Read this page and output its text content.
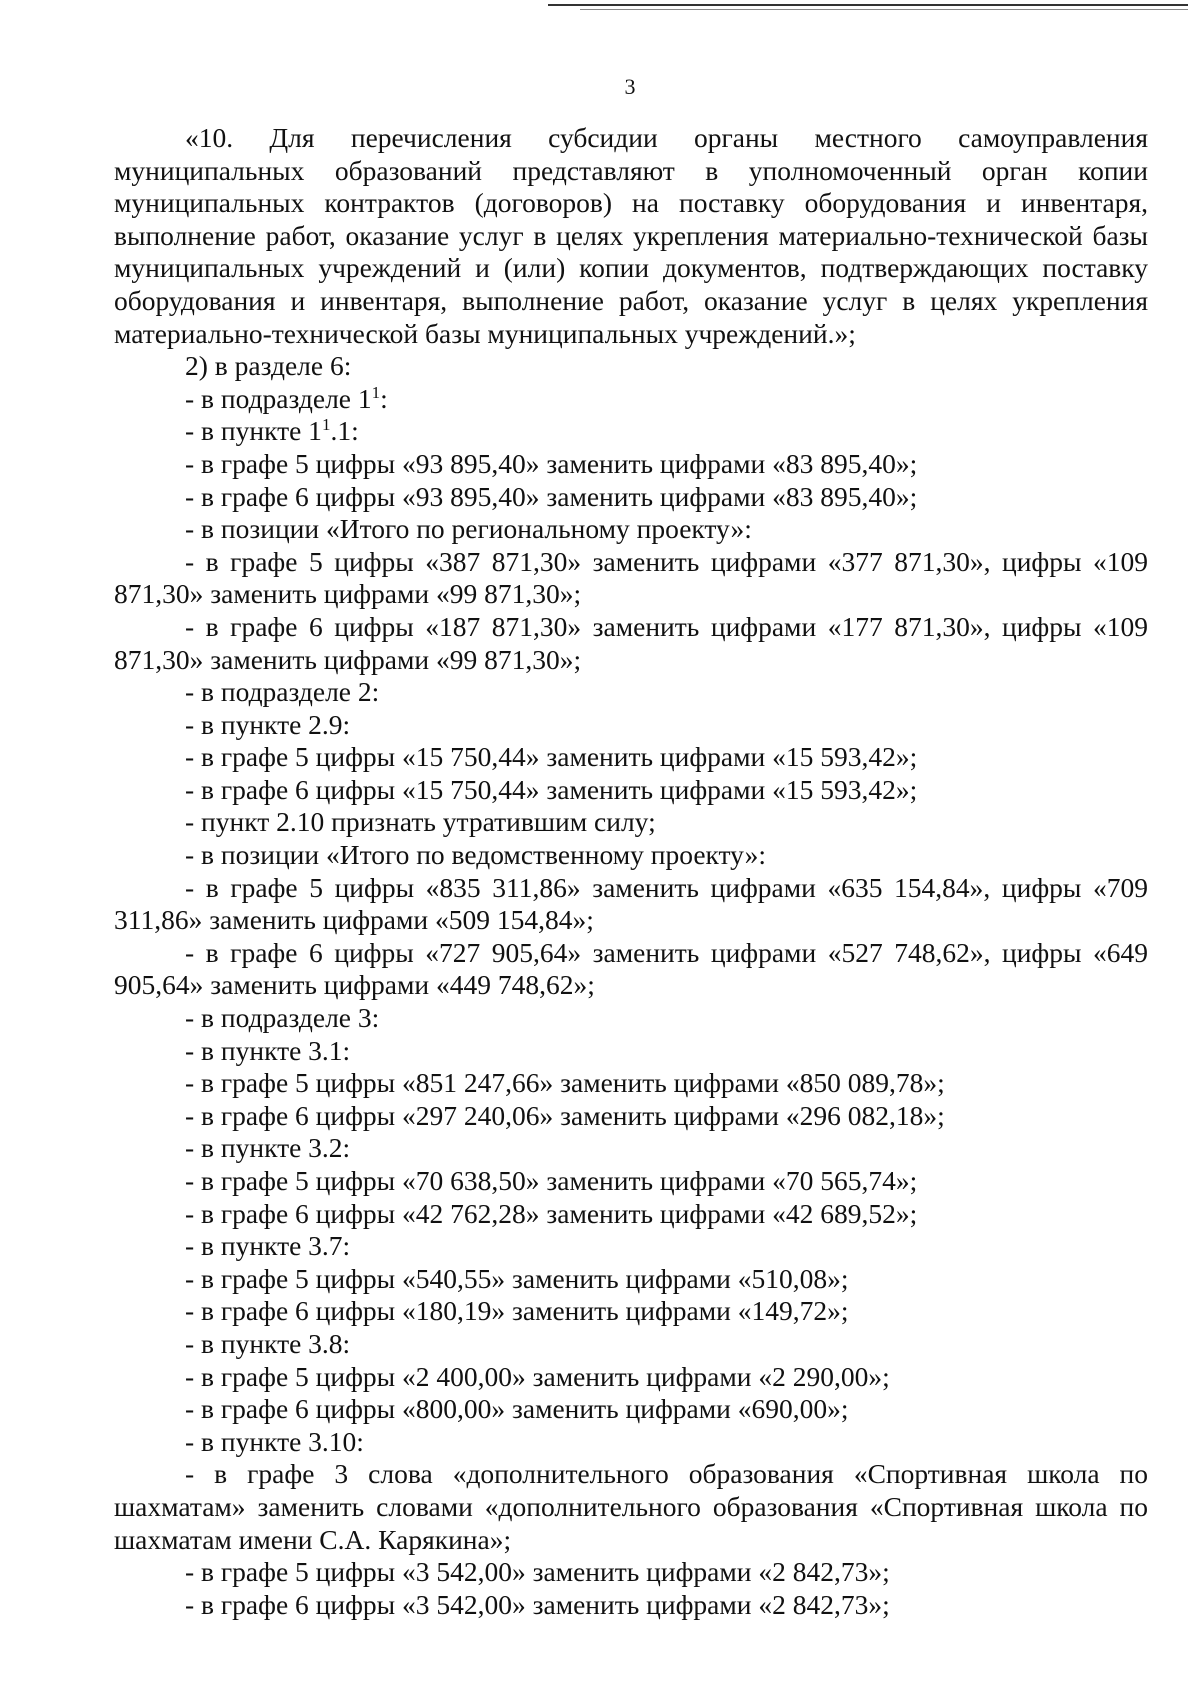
3

«10. Для перечисления субсидии органы местного самоуправления муниципальных образований представляют в уполномоченный орган копии муниципальных контрактов (договоров) на поставку оборудования и инвентаря, выполнение работ, оказание услуг в целях укрепления материально-технической базы муниципальных учреждений и (или) копии документов, подтверждающих поставку оборудования и инвентаря, выполнение работ, оказание услуг в целях укрепления материально-технической базы муниципальных учреждений.»;

2) в разделе 6:

- в подразделе $1^1$:

- в пункте $1^1.1$:

- в графе 5 цифры «93 895,40» заменить цифрами «83 895,40»;

- в графе 6 цифры «93 895,40» заменить цифрами «83 895,40»;

- в позиции «Итого по региональному проекту»:

- в графе 5 цифры «387 871,30» заменить цифрами «377 871,30», цифры «109 871,30» заменить цифрами «99 871,30»;

- в графе 6 цифры «187 871,30» заменить цифрами «177 871,30», цифры «109 871,30» заменить цифрами «99 871,30»;

- в подразделе 2:

- в пункте 2.9:

- в графе 5 цифры «15 750,44» заменить цифрами «15 593,42»;

- в графе 6 цифры «15 750,44» заменить цифрами «15 593,42»;

- пункт 2.10 признать утратившим силу;

- в позиции «Итого по ведомственному проекту»:

- в графе 5 цифры «835 311,86» заменить цифрами «635 154,84», цифры «709 311,86» заменить цифрами «509 154,84»;

- в графе 6 цифры «727 905,64» заменить цифрами «527 748,62», цифры «649 905,64» заменить цифрами «449 748,62»;

- в подразделе 3:

- в пункте 3.1:

- в графе 5 цифры «851 247,66» заменить цифрами «850 089,78»;

- в графе 6 цифры «297 240,06» заменить цифрами «296 082,18»;

- в пункте 3.2:

- в графе 5 цифры «70 638,50» заменить цифрами «70 565,74»;

- в графе 6 цифры «42 762,28» заменить цифрами «42 689,52»;

- в пункте 3.7:

- в графе 5 цифры «540,55» заменить цифрами «510,08»;

- в графе 6 цифры «180,19» заменить цифрами «149,72»;

- в пункте 3.8:

- в графе 5 цифры «2 400,00» заменить цифрами «2 290,00»;

- в графе 6 цифры «800,00» заменить цифрами «690,00»;

- в пункте 3.10:

- в графе 3 слова «дополнительного образования «Спортивная школа по шахматам» заменить словами «дополнительного образования «Спортивная школа по шахматам имени С.А. Карякина»;

- в графе 5 цифры «3 542,00» заменить цифрами «2 842,73»;

- в графе 6 цифры «3 542,00» заменить цифрами «2 842,73»;
